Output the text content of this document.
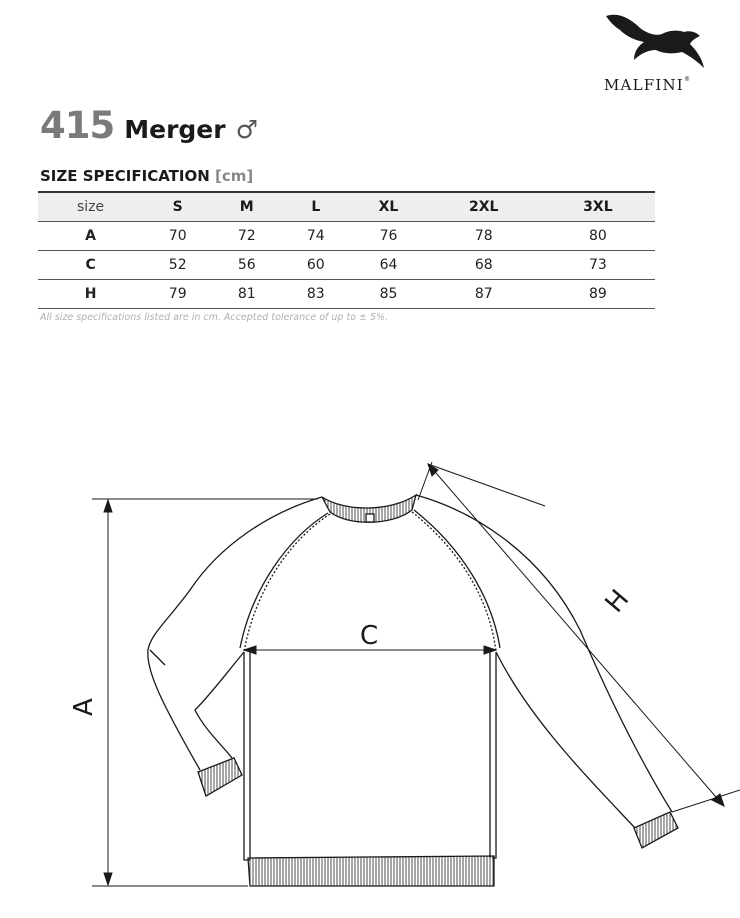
MALFINI®
415 Merger ♂
SIZE SPECIFICATION [cm]
size	S	M	L	XL	2XL	3XL
A	70	72	74	76	78	80
C	52	56	60	64	68	73
H	79	81	83	85	87	89
All size specifications listed are in cm. Accepted tolerance of up to ± 5%.
A
C
H
